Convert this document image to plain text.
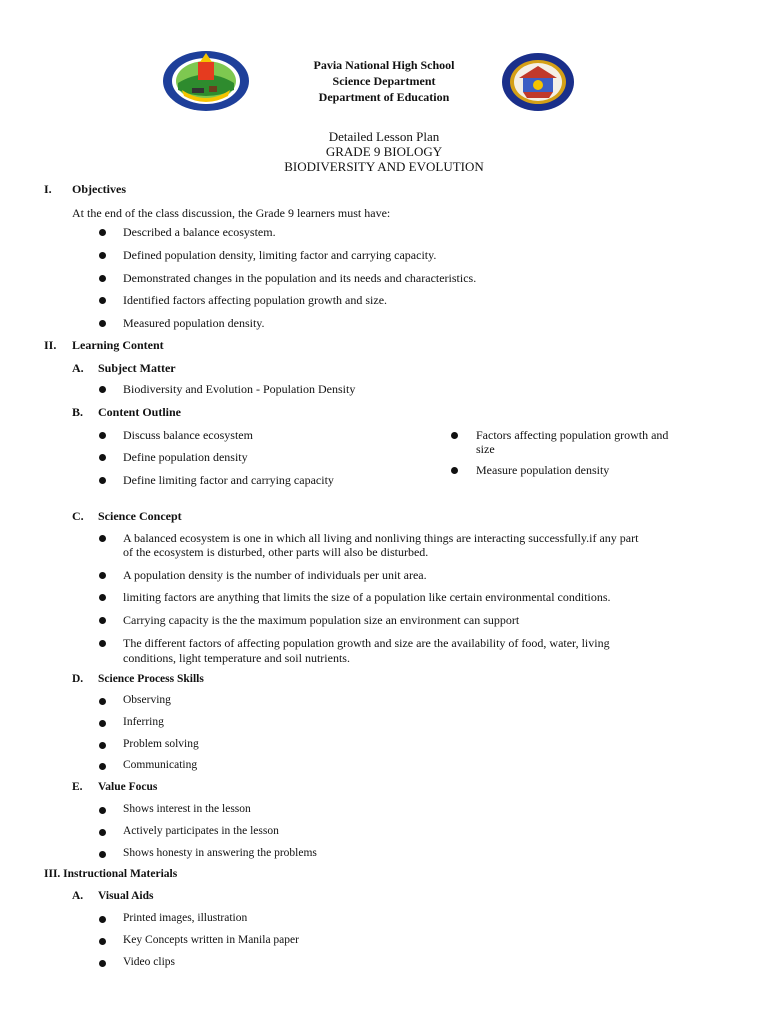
Pavia National High School
Science Department
Department of Education
Detailed Lesson Plan
GRADE 9 BIOLOGY
BIODIVERSITY AND EVOLUTION
I. Objectives
At the end of the class discussion, the Grade 9 learners must have:
Described a balance ecosystem.
Defined population density, limiting factor and carrying capacity.
Demonstrated changes in the population and its needs and characteristics.
Identified factors affecting population growth and size.
Measured population density.
II. Learning Content
A. Subject Matter
Biodiversity and Evolution - Population Density
B. Content Outline
Discuss balance ecosystem
Define population density
Define limiting factor and carrying capacity
Factors affecting population growth and
size
Measure population density
C. Science Concept
A balanced ecosystem is one in which all living and nonliving things are interacting successfully.if any part
of the ecosystem is disturbed, other parts will also be disturbed.
A population density is the number of individuals per unit area.
limiting factors are anything that limits the size of a population like certain environmental conditions.
Carrying capacity is the the maximum population size an environment can support
The different factors of affecting population growth and size are the availability of food, water, living
conditions, light temperature and soil nutrients.
D. Science Process Skills
Observing
Inferring
Problem solving
Communicating
E. Value Focus
Shows interest in the lesson
Actively participates in the lesson
Shows honesty in answering the problems
III. Instructional Materials
A. Visual Aids
Printed images, illustration
Key Concepts written in Manila paper
Video clips
